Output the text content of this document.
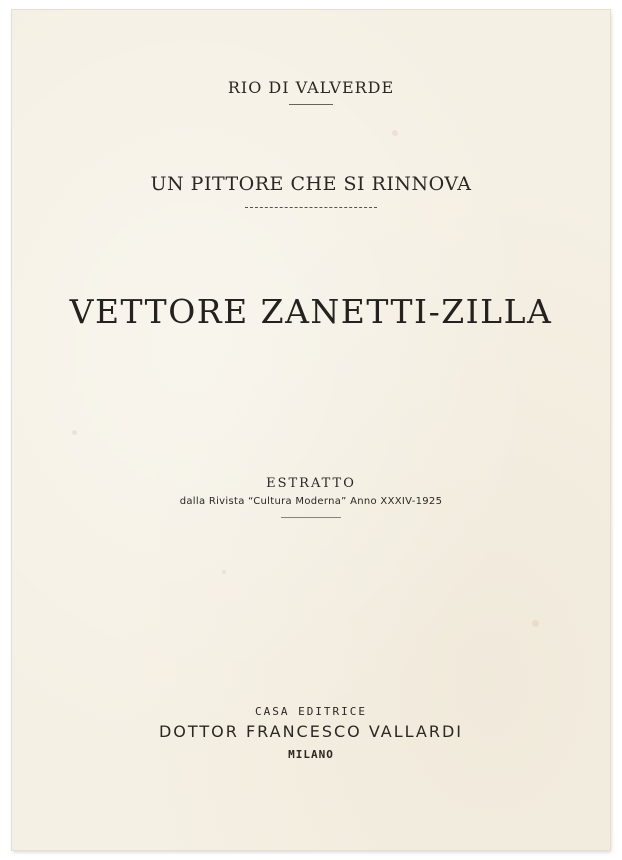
RIO DI VALVERDE
UN PITTORE CHE SI RINNOVA
VETTORE ZANETTI-ZILLA
ESTRATTO
dalla Rivista “Cultura Moderna” Anno XXXIV-1925
CASA EDITRICE
DOTTOR FRANCESCO VALLARDI
MILANO
